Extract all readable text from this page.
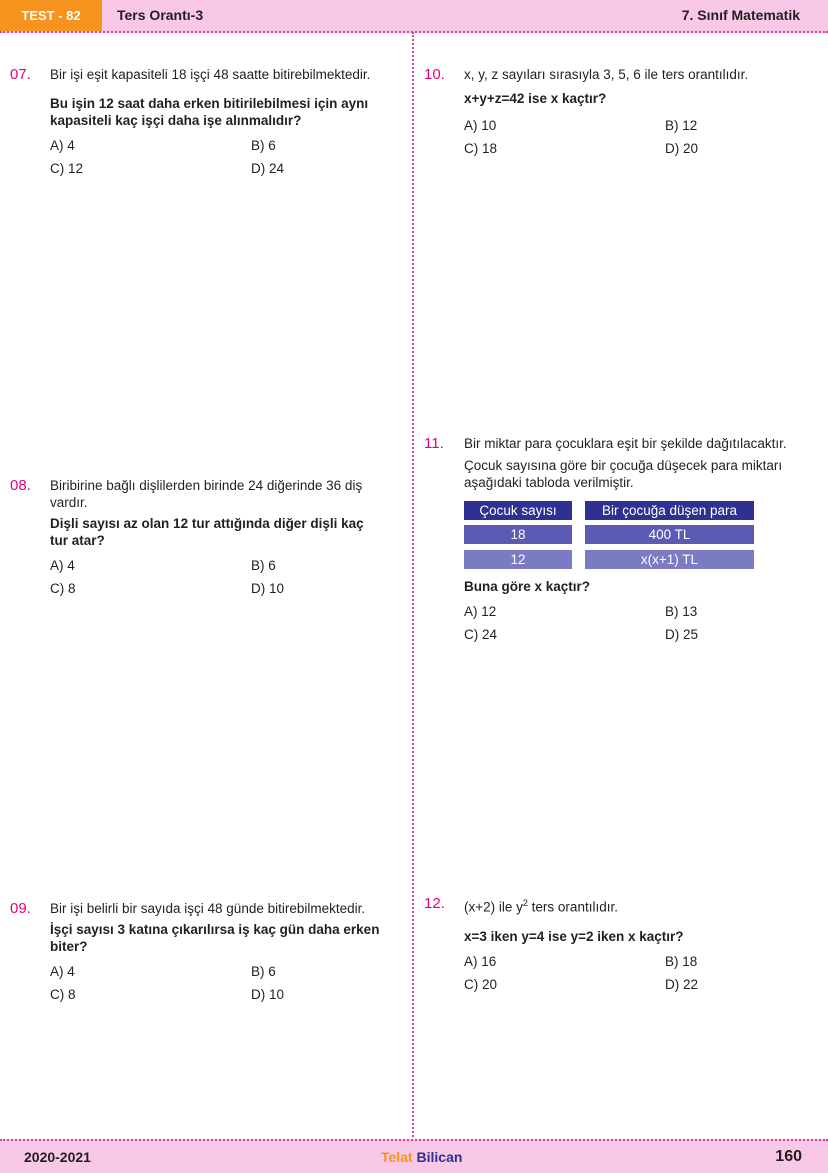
TEST - 82	Ters Orantı-3	7. Sınıf Matematik
07. Bir işi eşit kapasiteli 18 işçi 48 saatte bitirebilmektedir.

Bu işin 12 saat daha erken bitirilebilmesi için aynı kapasiteli kaç işçi daha işe alınmalıdır?

A) 4	B) 6
C) 12	D) 24
08. Biribirine bağlı dişlilerden birinde 24 diğerinde 36 diş vardır.

Dişli sayısı az olan 12 tur attığında diğer dişli kaç tur atar?

A) 4	B) 6
C) 8	D) 10
09. Bir işi belirli bir sayıda işçi 48 günde bitirebilmektedir.

İşçi sayısı 3 katına çıkarılırsa iş kaç gün daha erken biter?

A) 4	B) 6
C) 8	D) 10
10. x, y, z sayıları sırasıyla 3, 5, 6 ile ters orantılıdır.

x+y+z=42 ise x kaçtır?

A) 10	B) 12
C) 18	D) 20
11. Bir miktar para çocuklara eşit bir şekilde dağıtılacaktır.

Çocuk sayısına göre bir çocuğa düşecek para miktarı aşağıdaki tabloda verilmiştir.

Çocuk sayısı	Bir çocuğa düşen para
18	400 TL
12	x(x+1) TL

Buna göre x kaçtır?

A) 12	B) 13
C) 24	D) 25
12. (x+2) ile $y^2$ ters orantılıdır.

x=3 iken y=4 ise y=2 iken x kaçtır?

A) 16	B) 18
C) 20	D) 22
2020-2021	Telat Bilican	160
